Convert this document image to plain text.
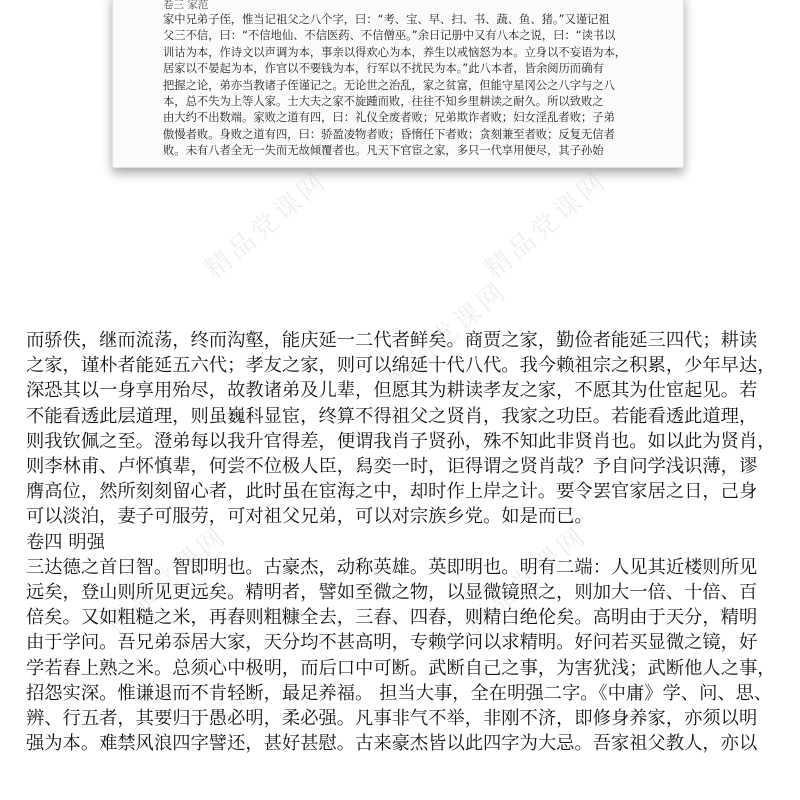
卷三 家范

家中兄弟子侄，惟当记祖父之八个字，曰：“考、宝、早、扫、书、蔬、鱼、猪。”又谨记祖

父三不信，曰：“不信地仙、不信医药、不信僧巫。”余日记册中又有八本之说，曰：“读书以

训诂为本，作诗文以声调为本，事亲以得欢心为本，养生以戒恼怒为本。立身以不妄语为本，

居家以不晏起为本，作官以不要钱为本，行军以不扰民为本。”此八本者，皆余阅历而确有

把握之论，弟亦当教诸子侄谨记之。无论世之治乱，家之贫富，但能守星冈公之八字与之八

本，总不失为上等人家。士大夫之家不旋踵而败，往往不知乡里耕读之耐久。所以致败之

由大约不出数端。家败之道有四，曰：礼仪全废者败；兄弟欺诈者败；妇女淫乱者败；子弟

傲慢者败。身败之道有四，曰：骄盈凌物者败；昏惰任下者败；贪刻兼至者败；反复无信者

败。未有八者全无一失而无故倾覆者也。凡天下官宦之家，多只一代享用便尽，其子孙始

精品党课网	精品党课网
精品党课网
精品党课网	精品党课网

而骄佚，继而流荡，终而沟壑，能庆延一二代者鲜矣。商贾之家，勤俭者能延三四代；耕读

之家，谨朴者能延五六代；孝友之家，则可以绵延十代八代。我今赖祖宗之积累，少年早达，

深恐其以一身享用殆尽，故教诸弟及儿辈，但愿其为耕读孝友之家，不愿其为仕宦起见。若

不能看透此层道理，则虽巍科显宦，终算不得祖父之贤肖，我家之功臣。若能看透此道理，

则我钦佩之至。澄弟每以我升官得差，便谓我肖子贤孙，殊不知此非贤肖也。如以此为贤肖，

则李林甫、卢怀慎辈，何尝不位极人臣，舄奕一时，讵得谓之贤肖哉？予自问学浅识薄，谬

膺高位，然所刻刻留心者，此时虽在宦海之中，却时作上岸之计。要令罢官家居之日，己身

可以淡泊，妻子可服劳，可对祖父兄弟，可以对宗族乡党。如是而已。

卷四 明强

三达德之首曰智。智即明也。古豪杰，动称英雄。英即明也。明有二端：人见其近楼则所见

远矣，登山则所见更远矣。精明者，譬如至微之物，以显微镜照之，则加大一倍、十倍、百

倍矣。又如粗糙之米，再舂则粗糠全去，三舂、四舂，则精白绝伦矣。高明由于天分，精明

由于学问。吾兄弟忝居大家，天分均不甚高明，专赖学问以求精明。好问若买显微之镜，好

学若舂上熟之米。总须心中极明，而后口中可断。武断自己之事，为害犹浅；武断他人之事，

招怨实深。惟谦退而不肯轻断，最足养福。 担当大事，全在明强二字。《中庸》学、问、思、

辨、行五者，其要归于愚必明，柔必强。凡事非气不举，非刚不济，即修身养家，亦须以明

强为本。难禁风浪四字譬还，甚好甚慰。古来豪杰皆以此四字为大忌。吾家祖父教人，亦以
